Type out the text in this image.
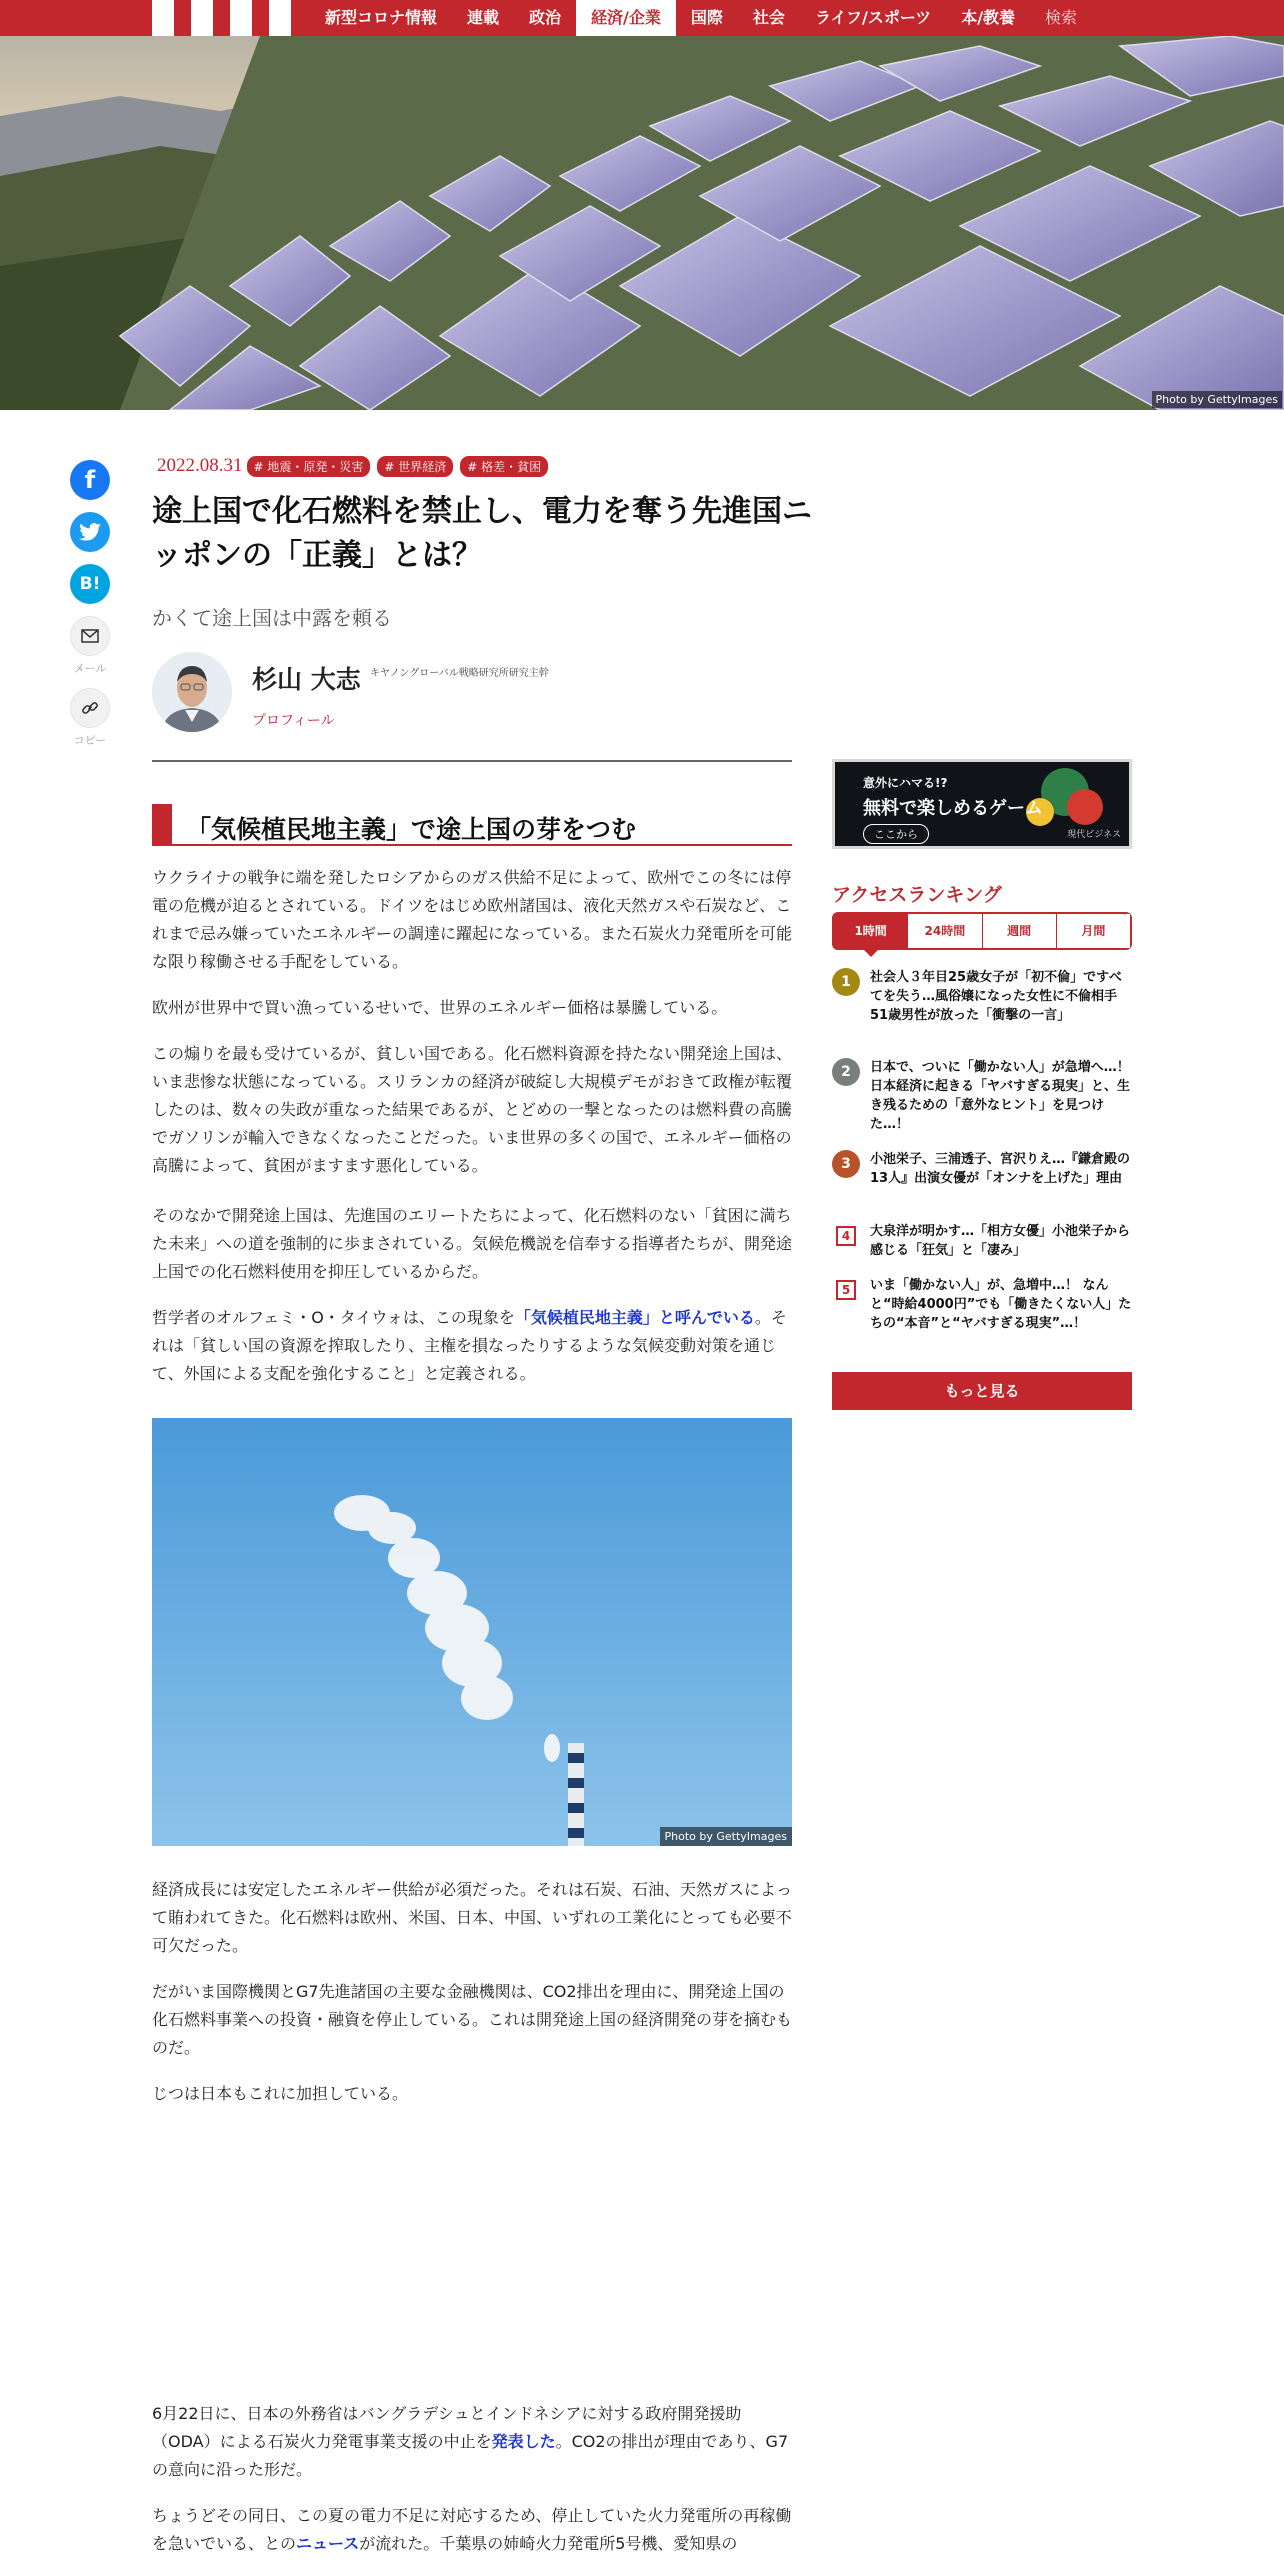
新型コロナ情報	連載	政治	経済/企業	国際	社会	ライフ/スポーツ	本/教養	検索
Photo by GettyImages
f
B!
メール
コピー
2022.08.31 # 地震・原発・災害	# 世界経済	# 格差・貧困
途上国で化石燃料を禁止し、電力を奪う先進国ニッポンの「正義」とは？
かくて途上国は中露を頼る
杉山 大志 キヤノングローバル戦略研究所研究主幹
プロフィール
「気候植民地主義」で途上国の芽をつむ

ウクライナの戦争に端を発したロシアからのガス供給不足によって、欧州でこの冬には停電の危機が迫るとされている。ドイツをはじめ欧州諸国は、液化天然ガスや石炭など、これまで忌み嫌っていたエネルギーの調達に躍起になっている。また石炭火力発電所を可能な限り稼働させる手配をしている。

欧州が世界中で買い漁っているせいで、世界のエネルギー価格は暴騰している。

この煽りを最も受けているが、貧しい国である。化石燃料資源を持たない開発途上国は、いま悲惨な状態になっている。スリランカの経済が破綻し大規模デモがおきて政権が転覆したのは、数々の失政が重なった結果であるが、とどめの一撃となったのは燃料費の高騰でガソリンが輸入できなくなったことだった。いま世界の多くの国で、エネルギー価格の高騰によって、貧困がますます悪化している。

そのなかで開発途上国は、先進国のエリートたちによって、化石燃料のない「貧困に満ちた未来」への道を強制的に歩まされている。気候危機説を信奉する指導者たちが、開発途上国での化石燃料使用を抑圧しているからだ。

哲学者のオルフェミ・O・タイウォは、この現象を「気候植民地主義」と呼んでいる。それは「貧しい国の資源を搾取したり、主権を損なったりするような気候変動対策を通じて、外国による支配を強化すること」と定義される。

Photo by GettyImages

経済成長には安定したエネルギー供給が必須だった。それは石炭、石油、天然ガスによって賄われてきた。化石燃料は欧州、米国、日本、中国、いずれの工業化にとっても必要不可欠だった。

だがいま国際機関とG7先進諸国の主要な金融機関は、CO2排出を理由に、開発途上国の化石燃料事業への投資・融資を停止している。これは開発途上国の経済開発の芽を摘むものだ。

じつは日本もこれに加担している。

6月22日に、日本の外務省はバングラデシュとインドネシアに対する政府開発援助（ODA）による石炭火力発電事業支援の中止を発表した。CO2の排出が理由であり、G7の意向に沿った形だ。

ちょうどその同日、この夏の電力不足に対応するため、停止していた火力発電所の再稼働を急いでいる、とのニュースが流れた。千葉県の姉崎火力発電所5号機、愛知県の

意外にハマる!?
無料で楽しめるゲーム
ここから	現代ビジネス
アクセスランキング
1時間	24時間	週間	月間
1	社会人３年目25歳女子が「初不倫」ですべてを失う…風俗嬢になった女性に不倫相手51歳男性が放った「衝撃の一言」
2	日本で、ついに「働かない人」が急増へ…！ 日本経済に起きる「ヤバすぎる現実」と、生き残るための「意外なヒント」を見つけた…！
3	小池栄子、三浦透子、宮沢りえ…『鎌倉殿の13人』出演女優が「オンナを上げた」理由
4	大泉洋が明かす…「相方女優」小池栄子から感じる「狂気」と「凄み」
5	いま「働かない人」が、急増中…！ なんと“時給4000円”でも「働きたくない人」たちの“本音”と“ヤバすぎる現実”…！
もっと見る
